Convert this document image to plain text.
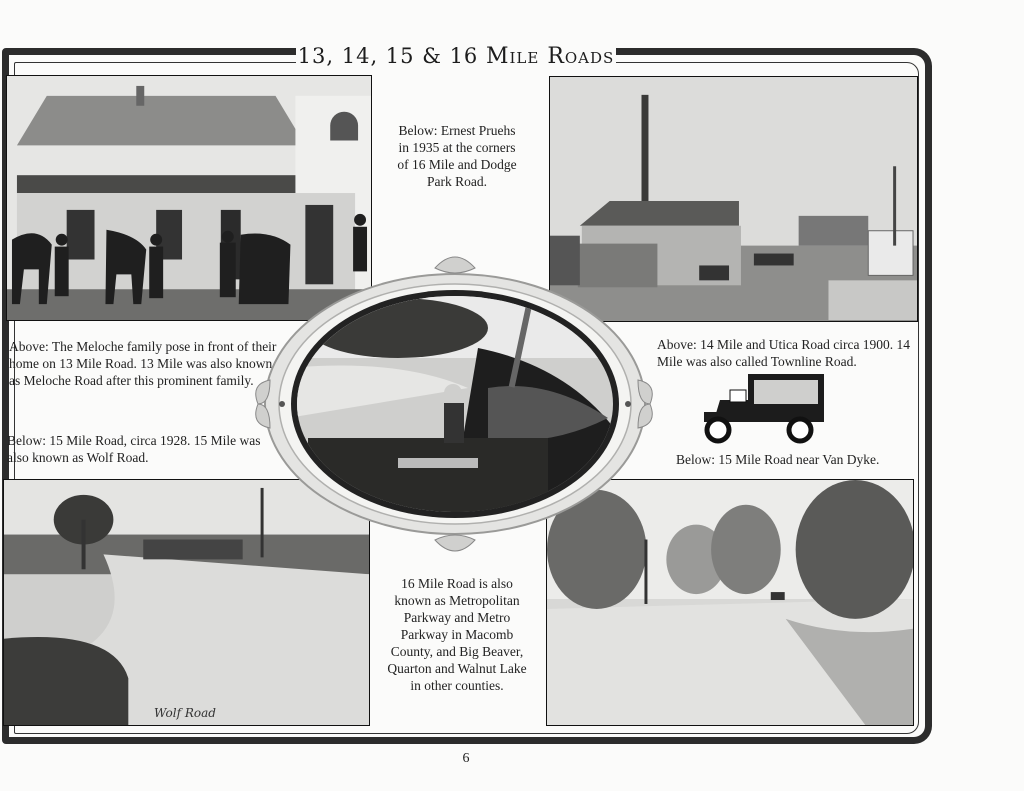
13, 14, 15 & 16 Mile Roads
Below: Ernest Pruehs in 1935 at the corners of 16 Mile and Dodge Park Road.
Above: The Meloche family pose in front of their home on 13 Mile Road. 13 Mile was also known as Meloche Road after this prominent family.
Below: 15 Mile Road, circa 1928. 15 Mile was also known as Wolf Road.
Above: 14 Mile and Utica Road circa 1900. 14 Mile was also called Townline Road.
Below: 15 Mile Road near Van Dyke.
Wolf Road
16 Mile Road is also known as Metropolitan Parkway and Metro Parkway in Macomb County, and Big Beaver, Quarton and Walnut Lake in other counties.
6
